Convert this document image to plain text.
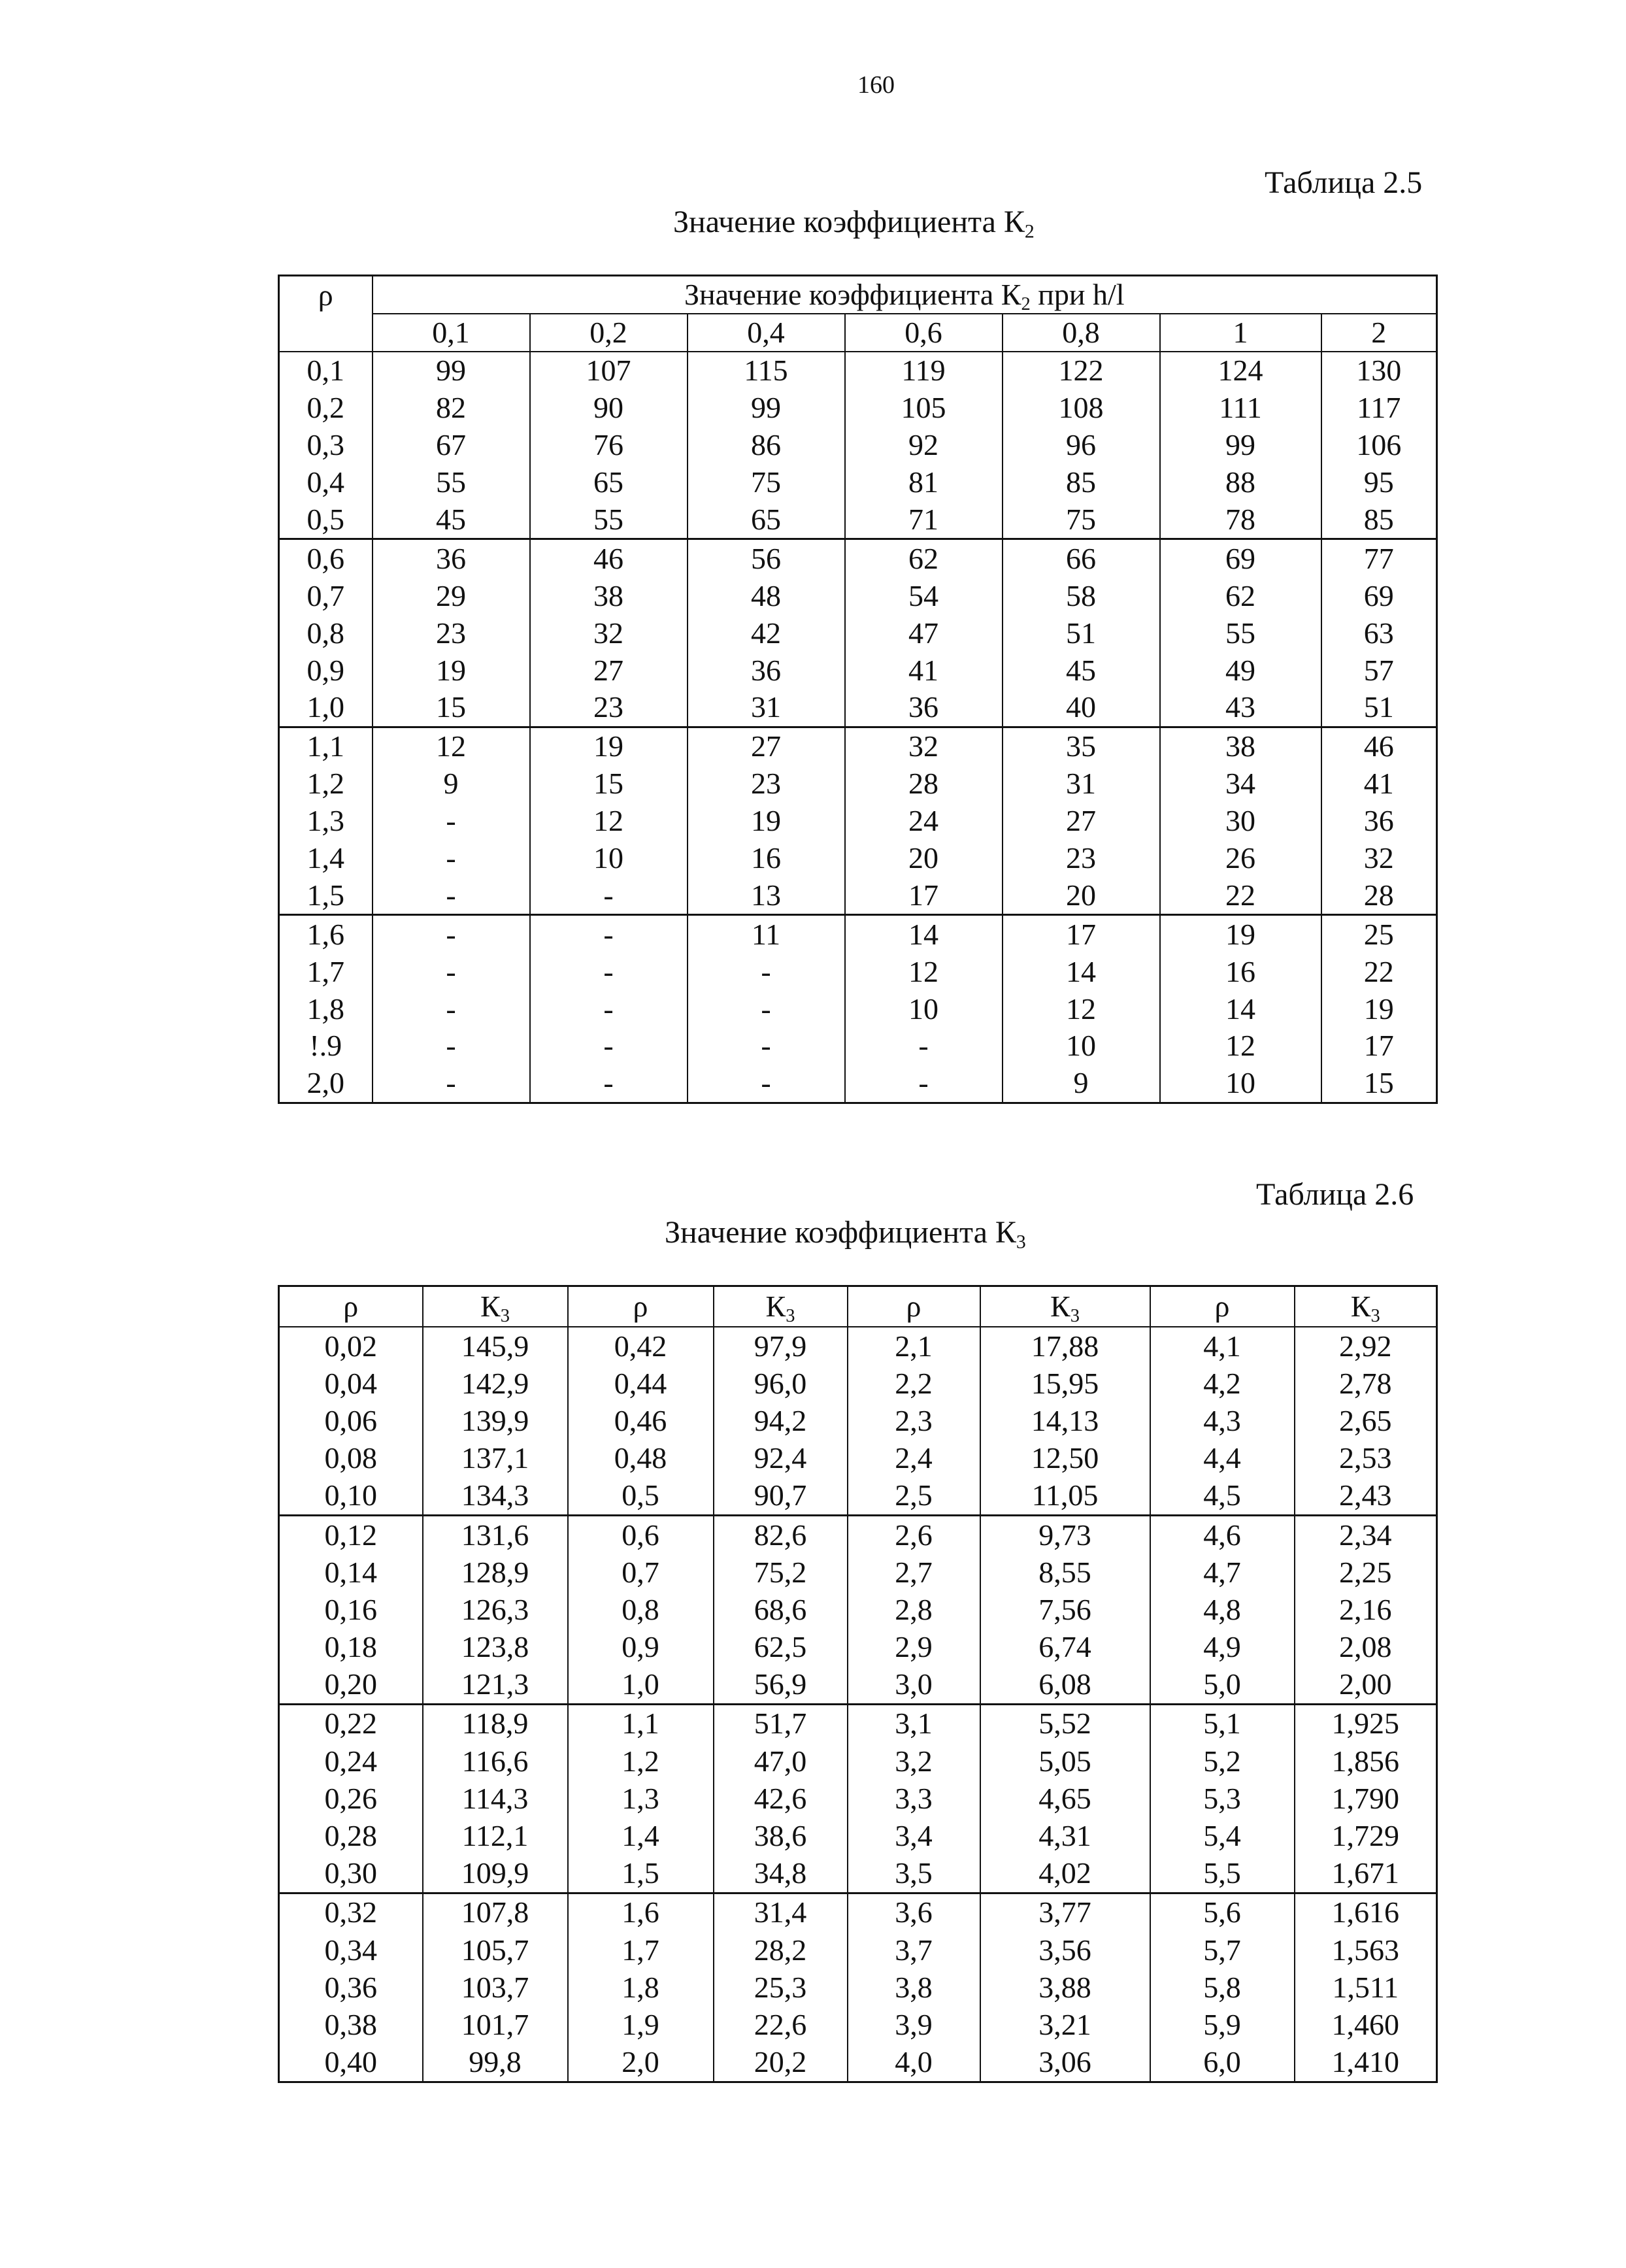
160
Таблица 2.5
Значение коэффициента $К_2$
ρ	Значение коэффициента $К_2$ при h/l						
	0,1	0,2	0,4	0,6	0,8	1	2
0,1	99	107	115	119	122	124	130
0,2	82	90	99	105	108	111	117
0,3	67	76	86	92	96	99	106
0,4	55	65	75	81	85	88	95
0,5	45	55	65	71	75	78	85
0,6	36	46	56	62	66	69	77
0,7	29	38	48	54	58	62	69
0,8	23	32	42	47	51	55	63
0,9	19	27	36	41	45	49	57
1,0	15	23	31	36	40	43	51
1,1	12	19	27	32	35	38	46
1,2	9	15	23	28	31	34	41
1,3	-	12	19	24	27	30	36
1,4	-	10	16	20	23	26	32
1,5	-	-	13	17	20	22	28
1,6	-	-	11	14	17	19	25
1,7	-	-	-	12	14	16	22
1,8	-	-	-	10	12	14	19
!.9	-	-	-	-	10	12	17
2,0	-	-	-	-	9	10	15
Таблица 2.6
Значение коэффициента $К_3$
ρ	$К_3$	ρ	$К_3$	ρ	$К_3$	ρ	$К_3$
0,02	145,9	0,42	97,9	2,1	17,88	4,1	2,92
0,04	142,9	0,44	96,0	2,2	15,95	4,2	2,78
0,06	139,9	0,46	94,2	2,3	14,13	4,3	2,65
0,08	137,1	0,48	92,4	2,4	12,50	4,4	2,53
0,10	134,3	0,5	90,7	2,5	11,05	4,5	2,43
0,12	131,6	0,6	82,6	2,6	9,73	4,6	2,34
0,14	128,9	0,7	75,2	2,7	8,55	4,7	2,25
0,16	126,3	0,8	68,6	2,8	7,56	4,8	2,16
0,18	123,8	0,9	62,5	2,9	6,74	4,9	2,08
0,20	121,3	1,0	56,9	3,0	6,08	5,0	2,00
0,22	118,9	1,1	51,7	3,1	5,52	5,1	1,925
0,24	116,6	1,2	47,0	3,2	5,05	5,2	1,856
0,26	114,3	1,3	42,6	3,3	4,65	5,3	1,790
0,28	112,1	1,4	38,6	3,4	4,31	5,4	1,729
0,30	109,9	1,5	34,8	3,5	4,02	5,5	1,671
0,32	107,8	1,6	31,4	3,6	3,77	5,6	1,616
0,34	105,7	1,7	28,2	3,7	3,56	5,7	1,563
0,36	103,7	1,8	25,3	3,8	3,88	5,8	1,511
0,38	101,7	1,9	22,6	3,9	3,21	5,9	1,460
0,40	99,8	2,0	20,2	4,0	3,06	6,0	1,410
